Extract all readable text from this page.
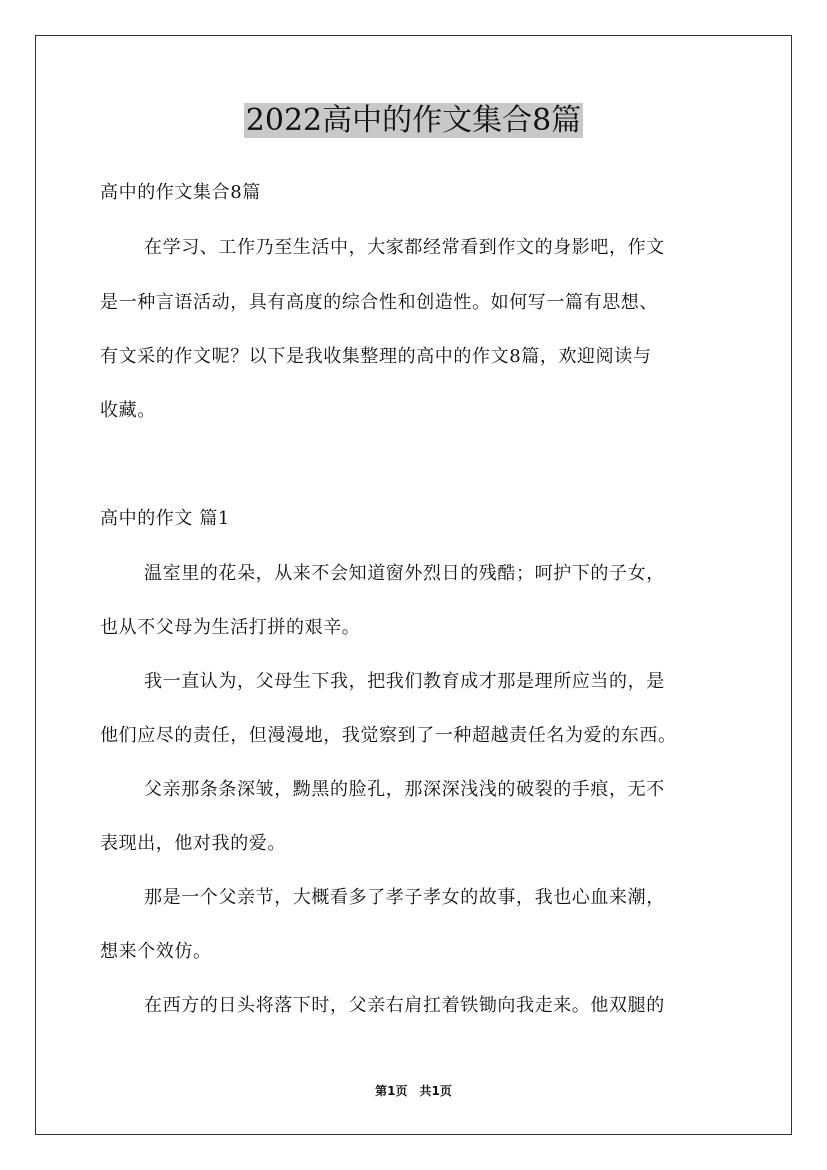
2022高中的作文集合8篇
高中的作文集合8篇
在学习、工作乃至生活中，大家都经常看到作文的身影吧，作文
是一种言语活动，具有高度的综合性和创造性。如何写一篇有思想、
有文采的作文呢？以下是我收集整理的高中的作文8篇，欢迎阅读与
收藏。
高中的作文 篇1
温室里的花朵，从来不会知道窗外烈日的残酷；呵护下的子女，
也从不父母为生活打拼的艰辛。
我一直认为，父母生下我，把我们教育成才那是理所应当的，是
他们应尽的责任，但漫漫地，我觉察到了一种超越责任名为爱的东西。
父亲那条条深皱，黝黑的脸孔，那深深浅浅的破裂的手痕，无不
表现出，他对我的爱。
那是一个父亲节，大概看多了孝子孝女的故事，我也心血来潮，
想来个效仿。
在西方的日头将落下时，父亲右肩扛着铁锄向我走来。他双腿的
第1页　共1页
